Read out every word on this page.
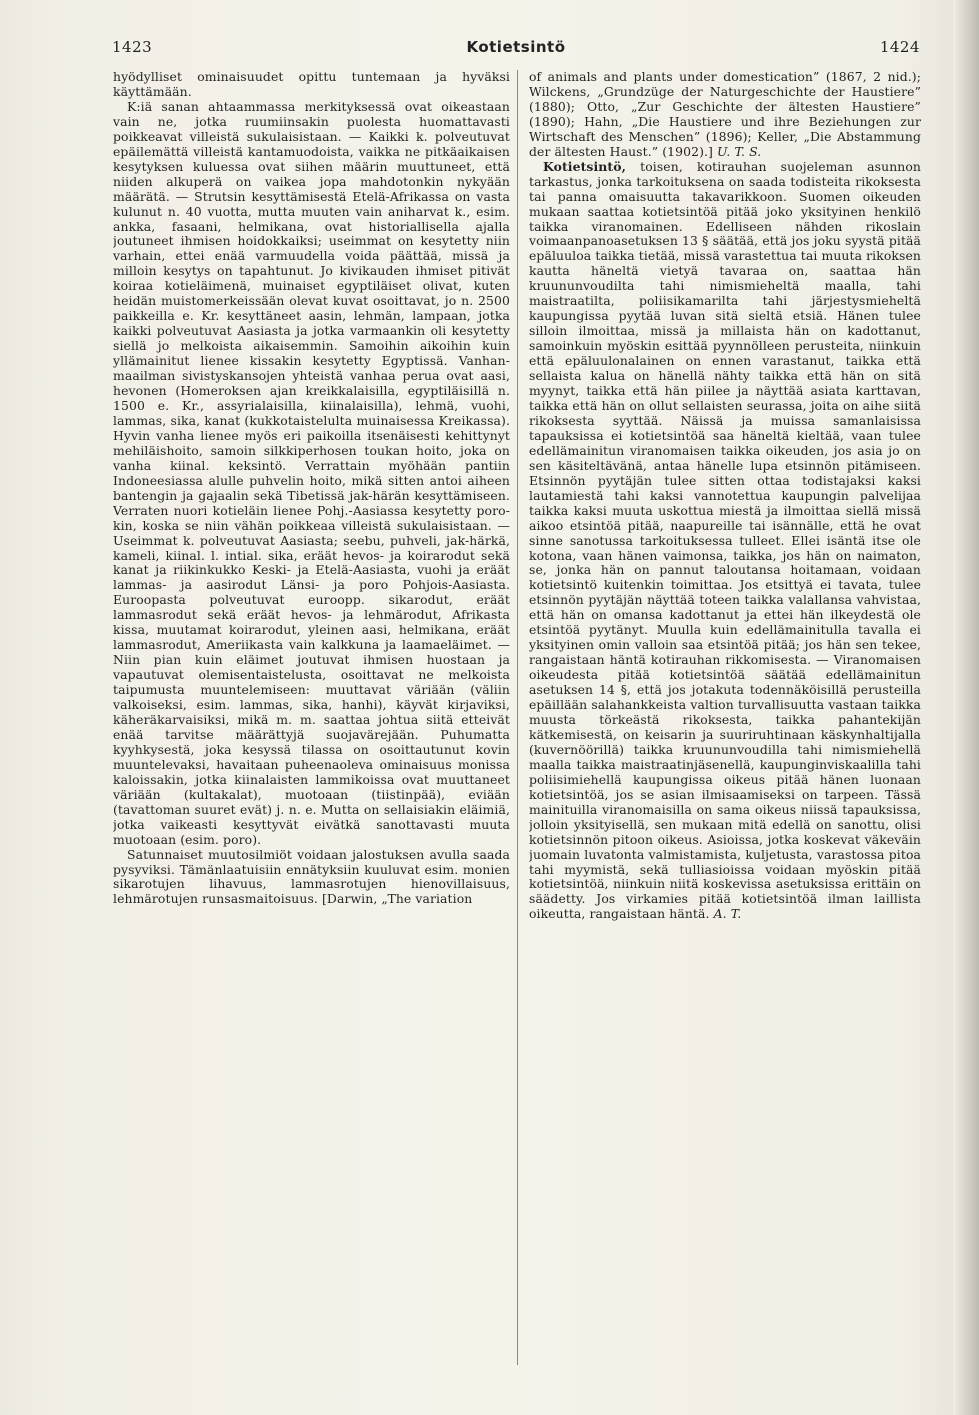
1423	Kotietsintö	1424

hyödylliset ominaisuudet opittu tuntemaan ja hyväksi käyttämään.

K:iä sanan ahtaammassa merkityksessä ovat oikeastaan vain ne, jotka ruumiinsakin puolesta huomattavasti poikkeavat villeistä sukulaisistaan. — Kaikki k. polveutuvat epäilemättä villeistä kantamuodoista, vaikka ne pitkäaikaisen kesytyksen kuluessa ovat siihen määrin muuttuneet, että niiden alkuperä on vaikea jopa mahdotonkin nykyään määrätä. — Strutsin kesyttämisestä Etelä-Afrikassa on vasta kulunut n. 40 vuotta, mutta muuten vain aniharvat k., esim. ankka, fasaani, helmikana, ovat historiallisella ajalla joutuneet ihmisen hoidokkaiksi; useimmat on kesytetty niin varhain, ettei enää varmuudella voida päättää, missä ja milloin kesytys on tapahtunut. Jo kivikauden ihmiset pitivät koiraa kotieläimenä, muinaiset egyptiläiset olivat, kuten heidän muistomerkeissään olevat kuvat osoittavat, jo n. 2500 paikkeilla e. Kr. kesyttäneet aasin, lehmän, lampaan, jotka kaikki polveutuvat Aasiasta ja jotka varmaankin oli kesytetty siellä jo melkoista aikaisemmin. Samoihin aikoihin kuin yllämainitut lienee kissakin kesytetty Egyptissä. Vanhan-maailman sivistyskansojen yhteistä vanhaa perua ovat aasi, hevonen (Homeroksen ajan kreikkalaisilla, egyptiläisillä n. 1500 e. Kr., assyrialaisilla, kiinalaisilla), lehmä, vuohi, lammas, sika, kanat (kukkotaistelulta muinaisessa Kreikassa). Hyvin vanha lienee myös eri paikoilla itsenäisesti kehittynyt mehiläishoito, samoin silkkiperhosen toukan hoito, joka on vanha kiinal. keksintö. Verrattain myöhään pantiin Indoneesiassa alulle puhvelin hoito, mikä sitten antoi aiheen bantengin ja gajaalin sekä Tibetissä jak-härän kesyttämiseen. Verraten nuori kotieläin lienee Pohj.-Aasiassa kesytetty poro-kin, koska se niin vähän poikkeaa villeistä sukulaisistaan. — Useimmat k. polveutuvat Aasiasta; seebu, puhveli, jak-härkä, kameli, kiinal. l. intial. sika, eräät hevos- ja koirarodut sekä kanat ja riikinkukko Keski- ja Etelä-Aasiasta, vuohi ja eräät lammas- ja aasirodut Länsi- ja poro Pohjois-Aasiasta. Euroopasta polveutuvat euroopp. sikarodut, eräät lammasrodut sekä eräät hevos- ja lehmärodut, Afrikasta kissa, muutamat koirarodut, yleinen aasi, helmikana, eräät lammasrodut, Ameriikasta vain kalkkuna ja laamaeläimet. — Niin pian kuin eläimet joutuvat ihmisen huostaan ja vapautuvat olemisentaistelusta, osoittavat ne melkoista taipumusta muuntelemiseen: muuttavat väriään (väliin valkoiseksi, esim. lammas, sika, hanhi), käyvät kirjaviksi, käheräkarvaisiksi, mikä m. m. saattaa johtua siitä etteivät enää tarvitse määrättyjä suojavärejään. Puhumatta kyyhkysestä, joka kesyssä tilassa on osoittautunut kovin muuntelevaksi, havaitaan puheenaoleva ominaisuus monissa kaloissakin, jotka kiinalaisten lammikoissa ovat muuttaneet väriään (kultakalat), muotoaan (tiistinpää), eviään (tavattoman suuret evät) j. n. e. Mutta on sellaisiakin eläimiä, jotka vaikeasti kesyttyvät eivätkä sanottavasti muuta muotoaan (esim. poro).

Satunnaiset muutosilmiöt voidaan jalostuksen avulla saada pysyviksi. Tämänlaatuisiin ennätyksiin kuuluvat esim. monien sikarotujen lihavuus, lammasrotujen hienovillaisuus, lehmärotujen runsasmaitoisuus. [Darwin, „The variation

of animals and plants under domestication” (1867, 2 nid.); Wilckens, „Grundzüge der Naturgeschichte der Haustiere” (1880); Otto, „Zur Geschichte der ältesten Haustiere” (1890); Hahn, „Die Haustiere und ihre Beziehungen zur Wirtschaft des Menschen” (1896); Keller, „Die Abstammung der ältesten Haust.” (1902).] U. T. S.

Kotietsintö, toisen, kotirauhan suojeleman asunnon tarkastus, jonka tarkoituksena on saada todisteita rikoksesta tai panna omaisuutta takavarikkoon. Suomen oikeuden mukaan saattaa kotietsintöä pitää joko yksityinen henkilö taikka viranomainen. Edelliseen nähden rikoslain voimaanpanoasetuksen 13 § säätää, että jos joku syystä pitää epäluuloa taikka tietää, missä varastettua tai muuta rikoksen kautta häneltä vietyä tavaraa on, saattaa hän kruununvoudilta tahi nimismieheltä maalla, tahi maistraatilta, poliisikamarilta tahi järjestysmieheltä kaupungissa pyytää luvan sitä sieltä etsiä. Hänen tulee silloin ilmoittaa, missä ja millaista hän on kadottanut, samoinkuin myöskin esittää pyynnölleen perusteita, niinkuin että epäluulonalainen on ennen varastanut, taikka että sellaista kalua on hänellä nähty taikka että hän on sitä myynyt, taikka että hän piilee ja näyttää asiata karttavan, taikka että hän on ollut sellaisten seurassa, joita on aihe siitä rikoksesta syyttää. Näissä ja muissa samanlaisissa tapauksissa ei kotietsintöä saa häneltä kieltää, vaan tulee edellämainitun viranomaisen taikka oikeuden, jos asia jo on sen käsiteltävänä, antaa hänelle lupa etsinnön pitämiseen. Etsinnön pyytäjän tulee sitten ottaa todistajaksi kaksi lautamiestä tahi kaksi vannotettua kaupungin palvelijaa taikka kaksi muuta uskottua miestä ja ilmoittaa siellä missä aikoo etsintöä pitää, naapureille tai isännälle, että he ovat sinne sanotussa tarkoituksessa tulleet. Ellei isäntä itse ole kotona, vaan hänen vaimonsa, taikka, jos hän on naimaton, se, jonka hän on pannut taloutansa hoitamaan, voidaan kotietsintö kuitenkin toimittaa. Jos etsittyä ei tavata, tulee etsinnön pyytäjän näyttää toteen taikka valallansa vahvistaa, että hän on omansa kadottanut ja ettei hän ilkeydestä ole etsintöä pyytänyt. Muulla kuin edellämainitulla tavalla ei yksityinen omin valloin saa etsintöä pitää; jos hän sen tekee, rangaistaan häntä kotirauhan rikkomisesta. — Viranomaisen oikeudesta pitää kotietsintöä säätää edellämainitun asetuksen 14 §, että jos jotakuta todennäköisillä perusteilla epäillään salahankkeista valtion turvallisuutta vastaan taikka muusta törkeästä rikoksesta, taikka pahantekijän kätkemisestä, on keisarin ja suuriruhtinaan käskynhaltijalla (kuvernöörillä) taikka kruununvoudilla tahi nimismiehellä maalla taikka maistraatinjäsenellä, kaupunginviskaalilla tahi poliisimiehellä kaupungissa oikeus pitää hänen luonaan kotietsintöä, jos se asian ilmisaamiseksi on tarpeen. Tässä mainituilla viranomaisilla on sama oikeus niissä tapauksissa, jolloin yksityisellä, sen mukaan mitä edellä on sanottu, olisi kotietsinnön pitoon oikeus. Asioissa, jotka koskevat väkeväin juomain luvatonta valmistamista, kuljetusta, varastossa pitoa tahi myymistä, sekä tulliasioissa voidaan myöskin pitää kotietsintöä, niinkuin niitä koskevissa asetuksissa erittäin on säädetty. Jos virkamies pitää kotietsintöä ilman laillista oikeutta, rangaistaan häntä. A. T.
